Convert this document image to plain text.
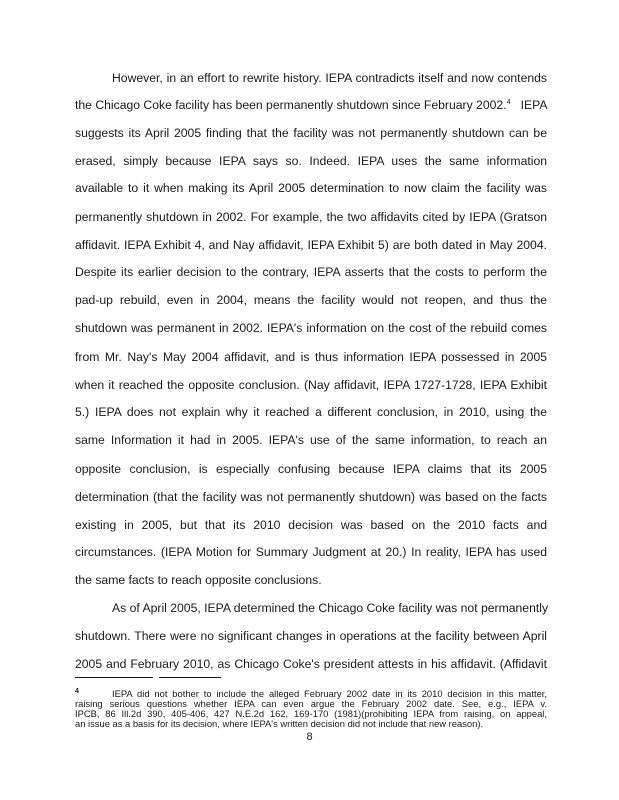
However, in an effort to rewrite history. IEPA contradicts itself and now contends
the Chicago Coke facility has been permanently shutdown since February 2002.$^4$ IEPA
suggests its April 2005 finding that the facility was not permanently shutdown can be
erased, simply because IEPA says so. Indeed. IEPA uses the same information
available to it when making its April 2005 determination to now claim the facility was
permanently shutdown in 2002. For example, the two affidavits cited by IEPA (Gratson
affidavit. IEPA Exhibit 4, and Nay affidavit, IEPA Exhibit 5) are both dated in May 2004.
Despite its earlier decision to the contrary, IEPA asserts that the costs to perform the
pad-up rebuild, even in 2004, means the facility would not reopen, and thus the
shutdown was permanent in 2002. IEPA's information on the cost of the rebuild comes
from Mr. Nay's May 2004 affidavit, and is thus information IEPA possessed in 2005
when it reached the opposite conclusion. (Nay affidavit, IEPA 1727-1728, IEPA Exhibit
5.) IEPA does not explain why it reached a different conclusion, in 2010, using the
same Information it had in 2005. IEPA's use of the same information, to reach an
opposite conclusion, is especially confusing because IEPA claims that its 2005
determination (that the facility was not permanently shutdown) was based on the facts
existing in 2005, but that its 2010 decision was based on the 2010 facts and
circumstances. (IEPA Motion for Summary Judgment at 20.) In reality, IEPA has used
the same facts to reach opposite conclusions.
As of April 2005, IEPA determined the Chicago Coke facility was not permanently
shutdown. There were no significant changes in operations at the facility between April
2005 and February 2010, as Chicago Coke's president attests in his affidavit. (Affidavit
4	IEPA did not bother to include the alleged February 2002 date in its 2010 decision in this matter,
raising serious questions whether IEPA can even argue the February 2002 date. See, e.g., IEPA v.
IPCB, 86 Ill.2d 390, 405-406, 427 N.E.2d 162, 169-170 (1981)(prohibiting IEPA from raising, on appeal,
an issue as a basis for its decision, where IEPA's written decision did not include that new reason).
8
